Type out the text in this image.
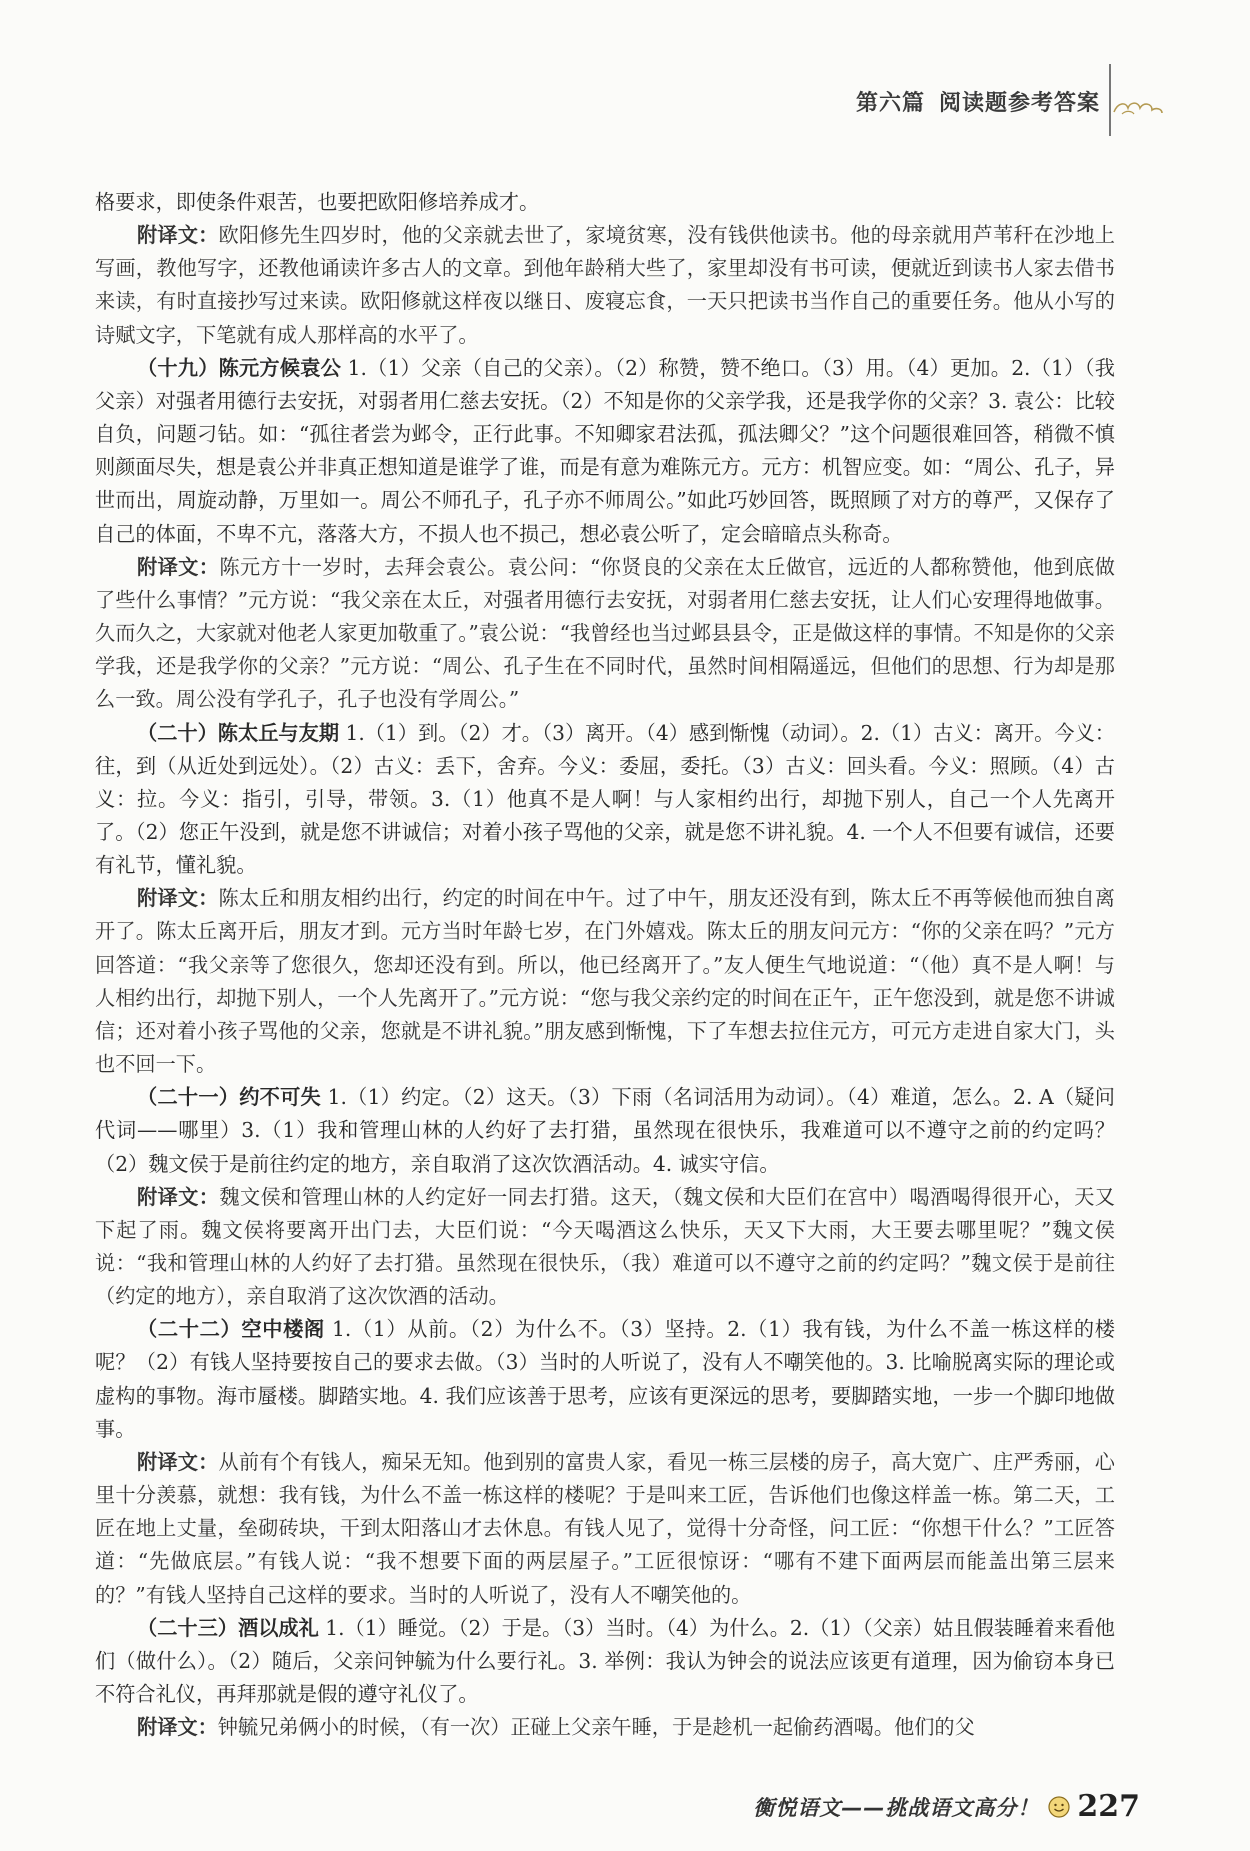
第六篇 阅读题参考答案

格要求，即使条件艰苦，也要把欧阳修培养成才。

附译文：欧阳修先生四岁时，他的父亲就去世了，家境贫寒，没有钱供他读书。他的母亲就用芦苇秆在沙地上写画，教他写字，还教他诵读许多古人的文章。到他年龄稍大些了，家里却没有书可读，便就近到读书人家去借书来读，有时直接抄写过来读。欧阳修就这样夜以继日、废寝忘食，一天只把读书当作自己的重要任务。他从小写的诗赋文字，下笔就有成人那样高的水平了。

（十九）陈元方候袁公 1.（1）父亲（自己的父亲）。（2）称赞，赞不绝口。（3）用。（4）更加。2.（1）（我父亲）对强者用德行去安抚，对弱者用仁慈去安抚。（2）不知是你的父亲学我，还是我学你的父亲？3. 袁公：比较自负，问题刁钻。如：“孤往者尝为邺令，正行此事。不知卿家君法孤，孤法卿父？”这个问题很难回答，稍微不慎则颜面尽失，想是袁公并非真正想知道是谁学了谁，而是有意为难陈元方。元方：机智应变。如：“周公、孔子，异世而出，周旋动静，万里如一。周公不师孔子，孔子亦不师周公。”如此巧妙回答，既照顾了对方的尊严，又保存了自己的体面，不卑不亢，落落大方，不损人也不损己，想必袁公听了，定会暗暗点头称奇。

附译文：陈元方十一岁时，去拜会袁公。袁公问：“你贤良的父亲在太丘做官，远近的人都称赞他，他到底做了些什么事情？”元方说：“我父亲在太丘，对强者用德行去安抚，对弱者用仁慈去安抚，让人们心安理得地做事。久而久之，大家就对他老人家更加敬重了。”袁公说：“我曾经也当过邺县县令，正是做这样的事情。不知是你的父亲学我，还是我学你的父亲？”元方说：“周公、孔子生在不同时代，虽然时间相隔遥远，但他们的思想、行为却是那么一致。周公没有学孔子，孔子也没有学周公。”

（二十）陈太丘与友期 1.（1）到。（2）才。（3）离开。（4）感到惭愧（动词）。2.（1）古义：离开。今义：往，到（从近处到远处）。（2）古义：丢下，舍弃。今义：委屈，委托。（3）古义：回头看。今义：照顾。（4）古义：拉。今义：指引，引导，带领。3.（1）他真不是人啊！与人家相约出行，却抛下别人，自己一个人先离开了。（2）您正午没到，就是您不讲诚信；对着小孩子骂他的父亲，就是您不讲礼貌。4. 一个人不但要有诚信，还要有礼节，懂礼貌。

附译文：陈太丘和朋友相约出行，约定的时间在中午。过了中午，朋友还没有到，陈太丘不再等候他而独自离开了。陈太丘离开后，朋友才到。元方当时年龄七岁，在门外嬉戏。陈太丘的朋友问元方：“你的父亲在吗？”元方回答道：“我父亲等了您很久，您却还没有到。所以，他已经离开了。”友人便生气地说道：“（他）真不是人啊！与人相约出行，却抛下别人，一个人先离开了。”元方说：“您与我父亲约定的时间在正午，正午您没到，就是您不讲诚信；还对着小孩子骂他的父亲，您就是不讲礼貌。”朋友感到惭愧，下了车想去拉住元方，可元方走进自家大门，头也不回一下。

（二十一）约不可失 1.（1）约定。（2）这天。（3）下雨（名词活用为动词）。（4）难道，怎么。2. A（疑问代词——哪里）3.（1）我和管理山林的人约好了去打猎，虽然现在很快乐，我难道可以不遵守之前的约定吗？（2）魏文侯于是前往约定的地方，亲自取消了这次饮酒活动。4. 诚实守信。

附译文：魏文侯和管理山林的人约定好一同去打猎。这天，（魏文侯和大臣们在宫中）喝酒喝得很开心，天又下起了雨。魏文侯将要离开出门去，大臣们说：“今天喝酒这么快乐，天又下大雨，大王要去哪里呢？”魏文侯说：“我和管理山林的人约好了去打猎。虽然现在很快乐，（我）难道可以不遵守之前的约定吗？”魏文侯于是前往（约定的地方），亲自取消了这次饮酒的活动。

（二十二）空中楼阁 1.（1）从前。（2）为什么不。（3）坚持。2.（1）我有钱，为什么不盖一栋这样的楼呢？（2）有钱人坚持要按自己的要求去做。（3）当时的人听说了，没有人不嘲笑他的。3. 比喻脱离实际的理论或虚构的事物。海市蜃楼。脚踏实地。4. 我们应该善于思考，应该有更深远的思考，要脚踏实地，一步一个脚印地做事。

附译文：从前有个有钱人，痴呆无知。他到别的富贵人家，看见一栋三层楼的房子，高大宽广、庄严秀丽，心里十分羡慕，就想：我有钱，为什么不盖一栋这样的楼呢？于是叫来工匠，告诉他们也像这样盖一栋。第二天，工匠在地上丈量，垒砌砖块，干到太阳落山才去休息。有钱人见了，觉得十分奇怪，问工匠：“你想干什么？”工匠答道：“先做底层。”有钱人说：“我不想要下面的两层屋子。”工匠很惊讶：“哪有不建下面两层而能盖出第三层来的？”有钱人坚持自己这样的要求。当时的人听说了，没有人不嘲笑他的。

（二十三）酒以成礼 1.（1）睡觉。（2）于是。（3）当时。（4）为什么。2.（1）（父亲）姑且假装睡着来看他们（做什么）。（2）随后，父亲问钟毓为什么要行礼。3. 举例：我认为钟会的说法应该更有道理，因为偷窃本身已不符合礼仪，再拜那就是假的遵守礼仪了。

附译文：钟毓兄弟俩小的时候，（有一次）正碰上父亲午睡，于是趁机一起偷药酒喝。他们的父

衡悦语文——挑战语文高分！ 227
